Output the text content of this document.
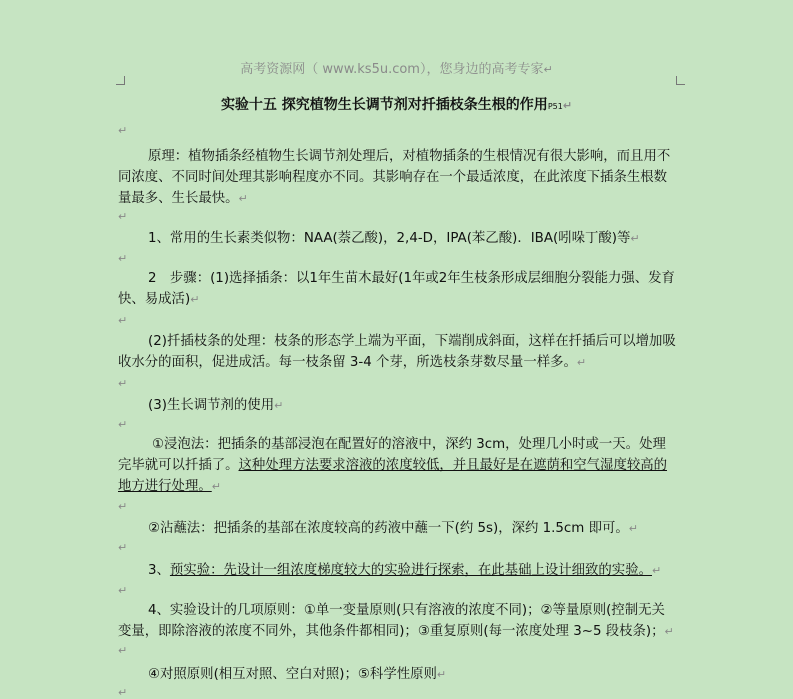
高考资源网（ www.ks5u.com），您身边的高考专家↵
实验十五 探究植物生长调节剂对扦插枝条生根的作用P51↵
↵
原理：植物插条经植物生长调节剂处理后，对植物插条的生根情况有很大影响，而且用不同浓度、不同时间处理其影响程度亦不同。其影响存在一个最适浓度，在此浓度下插条生根数量最多、生长最快。↵
↵
1、常用的生长素类似物：NAA(萘乙酸)，2,4-D，IPA(苯乙酸)．IBA(吲哚丁酸)等↵
↵
2　步骤：(1)选择插条：以1年生苗木最好(1年或2年生枝条形成层细胞分裂能力强、发育快、易成活)↵
↵
(2)扦插枝条的处理：枝条的形态学上端为平面，下端削成斜面，这样在扦插后可以增加吸收水分的面积，促进成活。每一枝条留 3-4 个芽，所选枝条芽数尽量一样多。↵
↵
(3)生长调节剂的使用↵
↵
①浸泡法：把插条的基部浸泡在配置好的溶液中，深约 3cm，处理几小时或一天。处理完毕就可以扦插了。这种处理方法要求溶液的浓度较低，并且最好是在遮荫和空气湿度较高的地方进行处理。↵
↵
②沾蘸法：把插条的基部在浓度较高的药液中蘸一下(约 5s)，深约 1.5cm 即可。↵
↵
3、预实验：先设计一组浓度梯度较大的实验进行探索，在此基础上设计细致的实验。↵
↵
4、实验设计的几项原则：①单一变量原则(只有溶液的浓度不同)；②等量原则(控制无关变量，即除溶液的浓度不同外，其他条件都相同)；③重复原则(每一浓度处理 3~5 段枝条)；↵
↵
④对照原则(相互对照、空白对照)；⑤科学性原则↵
↵
